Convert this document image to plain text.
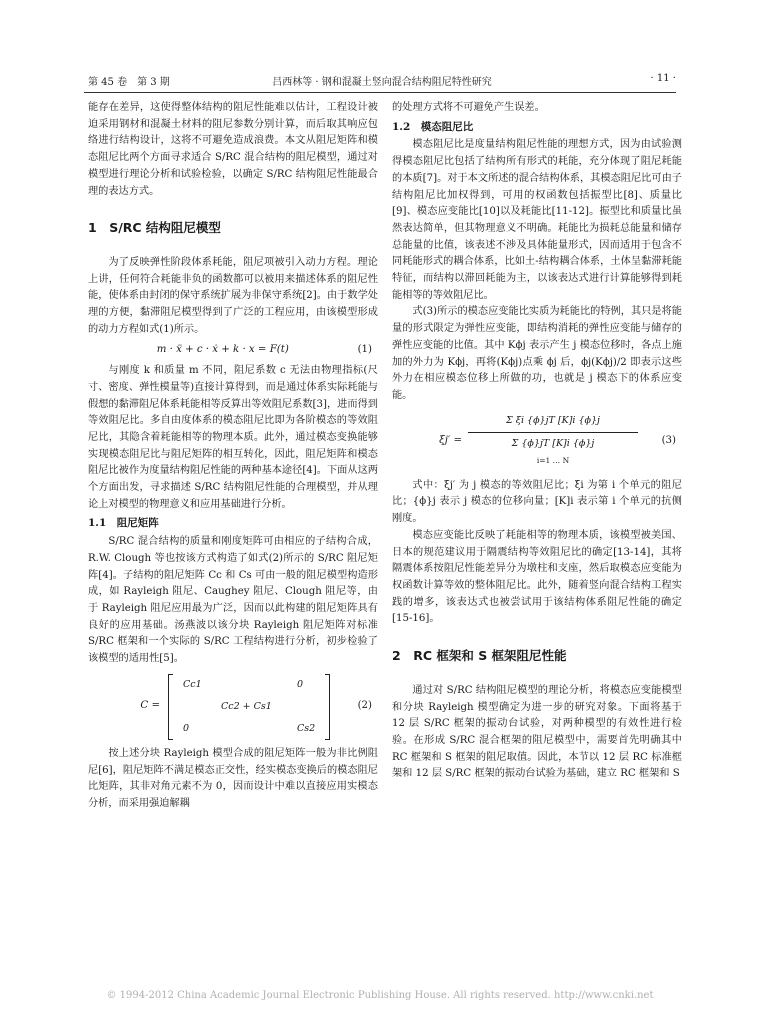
第 45 卷　第 3 期	吕西林等 · 钢和混凝土竖向混合结构阻尼特性研究	· 11 ·

能存在差异，这使得整体结构的阻尼性能难以估计，工程设计被迫采用钢材和混凝土材料的阻尼参数分别计算，而后取其响应包络进行结构设计，这将不可避免造成浪费。本文从阻尼矩阵和模态阻尼比两个方面寻求适合 S/RC 混合结构的阻尼模型，通过对模型进行理论分析和试验检验，以确定 S/RC 结构阻尼性能最合理的表达方式。

1　S/RC 结构阻尼模型

为了反映弹性阶段体系耗能，阻尼项被引入动力方程。理论上讲，任何符合耗能非负的函数都可以被用来描述体系的阻尼性能，使体系由封闭的保守系统扩展为非保守系统[2]。由于数学处理的方便，黏滞阻尼模型得到了广泛的工程应用，由该模型形成的动力方程如式(1)所示。

m · ẍ + c · ẋ + k · x = F(t)	(1)

与刚度 k 和质量 m 不同，阻尼系数 c 无法由物理指标(尺寸、密度、弹性模量等)直接计算得到，而是通过体系实际耗能与假想的黏滞阻尼体系耗能相等反算出等效阻尼系数[3]，进而得到等效阻尼比。多自由度体系的模态阻尼比即为各阶模态的等效阻尼比，其隐含着耗能相等的物理本质。此外，通过模态变换能够实现模态阻尼比与阻尼矩阵的相互转化，因此，阻尼矩阵和模态阻尼比被作为度量结构阻尼性能的两种基本途径[4]。下面从这两个方面出发，寻求描述 S/RC 结构阻尼性能的合理模型，并从理论上对模型的物理意义和应用基础进行分析。

1.1　阻尼矩阵

S/RC 混合结构的质量和刚度矩阵可由相应的子结构合成，R.W. Clough 等也按该方式构造了如式(2)所示的 S/RC 阻尼矩阵[4]。子结构的阻尼矩阵 Cc 和 Cs 可由一般的阻尼模型构造形成，如 Rayleigh 阻尼、Caughey 阻尼、Clough 阻尼等，由于 Rayleigh 阻尼应用最为广泛，因而以此构建的阻尼矩阵具有良好的应用基础。汤燕波以该分块 Rayleigh 阻尼矩阵对标准 S/RC 框架和一个实际的 S/RC 工程结构进行分析，初步检验了该模型的适用性[5]。

C =
Cc1	0
Cc2 + Cs1
0	Cs2
(2)

按上述分块 Rayleigh 模型合成的阻尼矩阵一般为非比例阻尼[6]，阻尼矩阵不满足模态正交性，经实模态变换后的模态阻尼比矩阵，其非对角元素不为 0，因而设计中难以直接应用实模态分析，而采用强迫解耦

的处理方式将不可避免产生误差。

1.2　模态阻尼比

模态阻尼比是度量结构阻尼性能的理想方式，因为由试验测得模态阻尼比包括了结构所有形式的耗能，充分体现了阻尼耗能的本质[7]。对于本文所述的混合结构体系，其模态阻尼比可由子结构阻尼比加权得到，可用的权函数包括振型比[8]、质量比[9]、模态应变能比[10]以及耗能比[11-12]。振型比和质量比虽然表达简单，但其物理意义不明确。耗能比为损耗总能量和储存总能量的比值，该表述不涉及具体能量形式，因而适用于包含不同耗能形式的耦合体系，比如土-结构耦合体系，土体呈黏滞耗能特征，而结构以滞回耗能为主，以该表达式进行计算能够得到耗能相等的等效阻尼比。

式(3)所示的模态应变能比实质为耗能比的特例，其只是将能量的形式限定为弹性应变能，即结构消耗的弹性应变能与储存的弹性应变能的比值。其中 Kϕj 表示产生 j 模态位移时，各点上施加的外力为 Kϕj，再将(Kϕj)点乘 ϕj 后，ϕj(Kϕj)/2 即表示这些外力在相应模态位移上所做的功，也就是 j 模态下的体系应变能。

ξj′ =
Σ ξi {ϕ}jT [K]i {ϕ}j
Σ {ϕ}jT [K]i {ϕ}j
i=1 … N
(3)

式中：ξj′ 为 j 模态的等效阻尼比；ξi 为第 i 个单元的阻尼比；{ϕ}j 表示 j 模态的位移向量；[K]i 表示第 i 个单元的抗侧刚度。

模态应变能比反映了耗能相等的物理本质，该模型被美国、日本的规范建议用于隔震结构等效阻尼比的确定[13-14]，其将隔震体系按阻尼性能差异分为墩柱和支座，然后取模态应变能为权函数计算等效的整体阻尼比。此外，随着竖向混合结构工程实践的增多，该表达式也被尝试用于该结构体系阻尼性能的确定[15-16]。

2　RC 框架和 S 框架阻尼性能

通过对 S/RC 结构阻尼模型的理论分析，将模态应变能模型和分块 Rayleigh 模型确定为进一步的研究对象。下面将基于 12 层 S/RC 框架的振动台试验，对两种模型的有效性进行检验。在形成 S/RC 混合框架的阻尼模型中，需要首先明确其中 RC 框架和 S 框架的阻尼取值。因此，本节以 12 层 RC 标准框架和 12 层 S/RC 框架的振动台试验为基础，建立 RC 框架和 S

© 1994-2012 China Academic Journal Electronic Publishing House. All rights reserved. http://www.cnki.net
